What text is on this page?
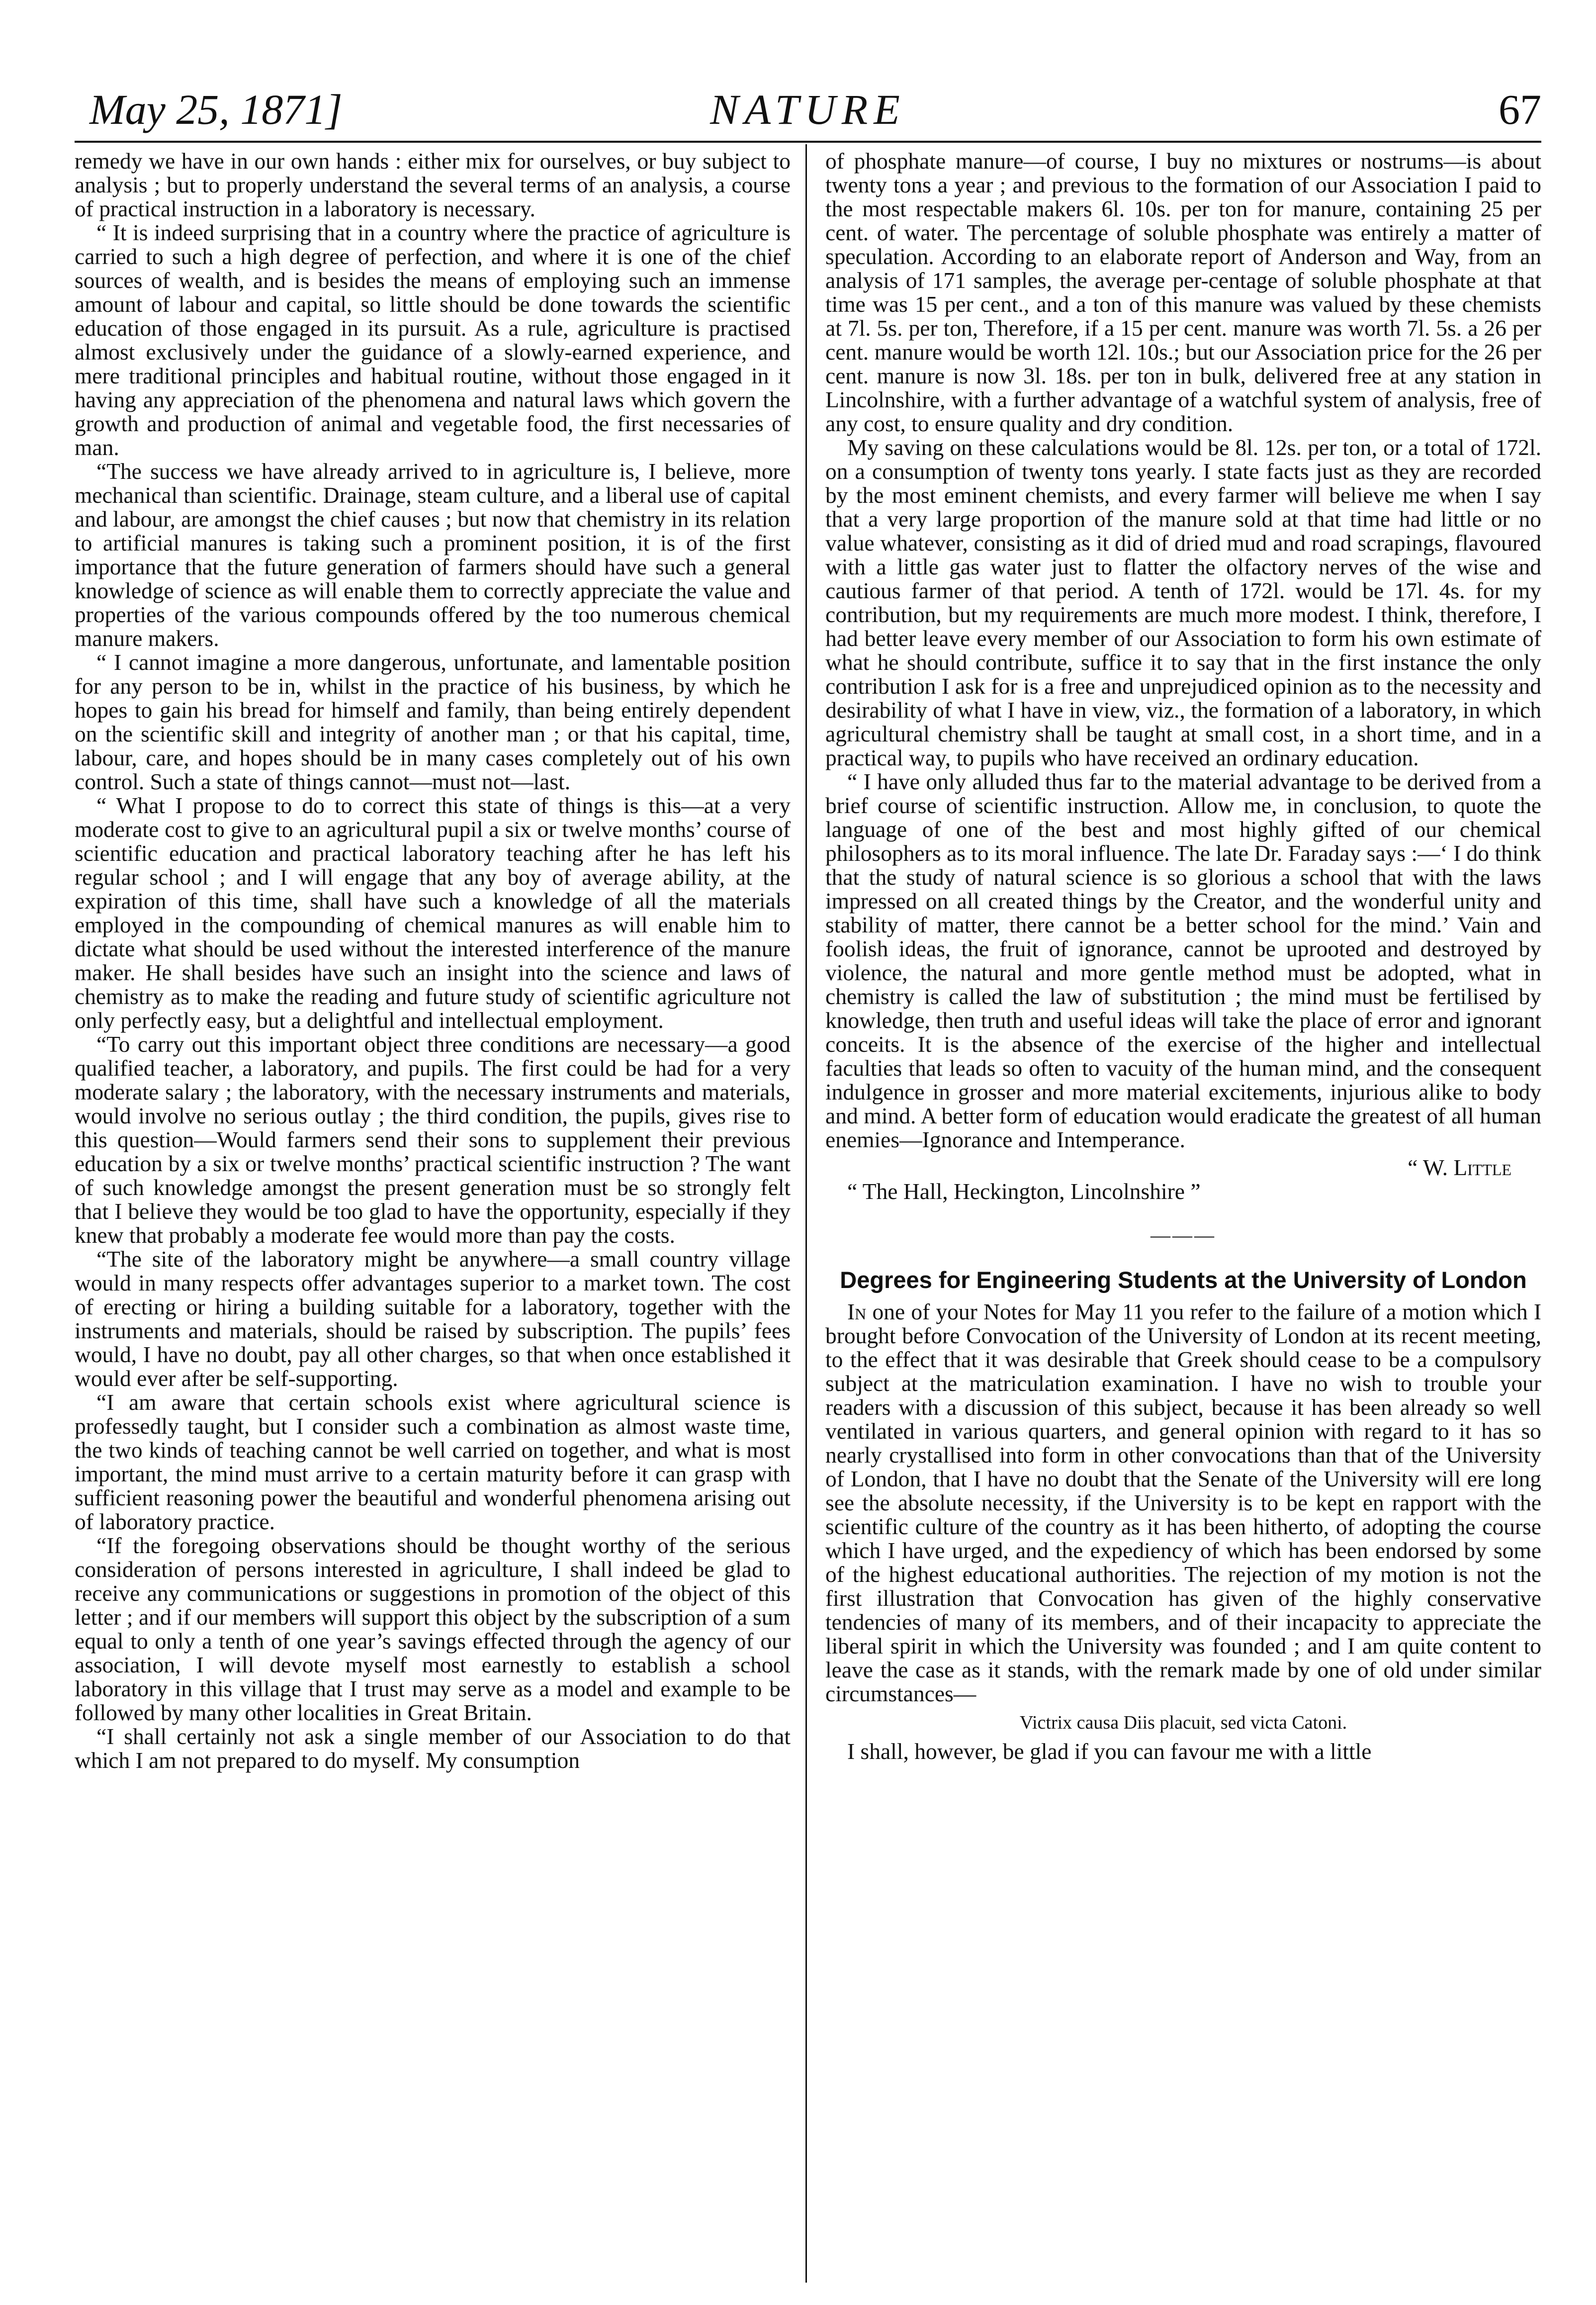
May 25, 1871]	NATURE	67

remedy we have in our own hands : either mix for ourselves, or buy subject to analysis ; but to properly understand the several terms of an analysis, a course of practical instruction in a laboratory is necessary.

“ It is indeed surprising that in a country where the practice of agriculture is carried to such a high degree of perfection, and where it is one of the chief sources of wealth, and is besides the means of employing such an immense amount of labour and capital, so little should be done towards the scientific education of those engaged in its pursuit. As a rule, agriculture is practised almost exclusively under the guidance of a slowly-earned experience, and mere traditional principles and habitual routine, without those engaged in it having any appreciation of the phenomena and natural laws which govern the growth and production of animal and vegetable food, the first necessaries of man.

“The success we have already arrived to in agriculture is, I believe, more mechanical than scientific. Drainage, steam culture, and a liberal use of capital and labour, are amongst the chief causes ; but now that chemistry in its relation to artificial manures is taking such a prominent position, it is of the first importance that the future generation of farmers should have such a general knowledge of science as will enable them to correctly appreciate the value and properties of the various compounds offered by the too numerous chemical manure makers.

“ I cannot imagine a more dangerous, unfortunate, and lamentable position for any person to be in, whilst in the practice of his business, by which he hopes to gain his bread for himself and family, than being entirely dependent on the scientific skill and integrity of another man ; or that his capital, time, labour, care, and hopes should be in many cases completely out of his own control. Such a state of things cannot—must not—last.

“ What I propose to do to correct this state of things is this—at a very moderate cost to give to an agricultural pupil a six or twelve months’ course of scientific education and practical laboratory teaching after he has left his regular school ; and I will engage that any boy of average ability, at the expiration of this time, shall have such a knowledge of all the materials employed in the compounding of chemical manures as will enable him to dictate what should be used without the interested interference of the manure maker. He shall besides have such an insight into the science and laws of chemistry as to make the reading and future study of scientific agriculture not only perfectly easy, but a delightful and intellectual employment.

“To carry out this important object three conditions are necessary—a good qualified teacher, a laboratory, and pupils. The first could be had for a very moderate salary ; the laboratory, with the necessary instruments and materials, would involve no serious outlay ; the third condition, the pupils, gives rise to this question—Would farmers send their sons to supplement their previous education by a six or twelve months’ practical scientific instruction ? The want of such knowledge amongst the present generation must be so strongly felt that I believe they would be too glad to have the opportunity, especially if they knew that probably a moderate fee would more than pay the costs.

“The site of the laboratory might be anywhere—a small country village would in many respects offer advantages superior to a market town. The cost of erecting or hiring a building suitable for a laboratory, together with the instruments and materials, should be raised by subscription. The pupils’ fees would, I have no doubt, pay all other charges, so that when once established it would ever after be self-supporting.

“I am aware that certain schools exist where agricultural science is professedly taught, but I consider such a combination as almost waste time, the two kinds of teaching cannot be well carried on together, and what is most important, the mind must arrive to a certain maturity before it can grasp with sufficient reasoning power the beautiful and wonderful phenomena arising out of laboratory practice.

“If the foregoing observations should be thought worthy of the serious consideration of persons interested in agriculture, I shall indeed be glad to receive any communications or suggestions in promotion of the object of this letter ; and if our members will support this object by the subscription of a sum equal to only a tenth of one year’s savings effected through the agency of our association, I will devote myself most earnestly to establish a school laboratory in this village that I trust may serve as a model and example to be followed by many other localities in Great Britain.

“I shall certainly not ask a single member of our Association to do that which I am not prepared to do myself. My consumption

of phosphate manure—of course, I buy no mixtures or nostrums—is about twenty tons a year ; and previous to the formation of our Association I paid to the most respectable makers 6l. 10s. per ton for manure, containing 25 per cent. of water. The percentage of soluble phosphate was entirely a matter of speculation. According to an elaborate report of Anderson and Way, from an analysis of 171 samples, the average per-centage of soluble phosphate at that time was 15 per cent., and a ton of this manure was valued by these chemists at 7l. 5s. per ton, Therefore, if a 15 per cent. manure was worth 7l. 5s. a 26 per cent. manure would be worth 12l. 10s.; but our Association price for the 26 per cent. manure is now 3l. 18s. per ton in bulk, delivered free at any station in Lincolnshire, with a further advantage of a watchful system of analysis, free of any cost, to ensure quality and dry condition.

My saving on these calculations would be 8l. 12s. per ton, or a total of 172l. on a consumption of twenty tons yearly. I state facts just as they are recorded by the most eminent chemists, and every farmer will believe me when I say that a very large proportion of the manure sold at that time had little or no value whatever, consisting as it did of dried mud and road scrapings, flavoured with a little gas water just to flatter the olfactory nerves of the wise and cautious farmer of that period. A tenth of 172l. would be 17l. 4s. for my contribution, but my requirements are much more modest. I think, therefore, I had better leave every member of our Association to form his own estimate of what he should contribute, suffice it to say that in the first instance the only contribution I ask for is a free and unprejudiced opinion as to the necessity and desirability of what I have in view, viz., the formation of a laboratory, in which agricultural chemistry shall be taught at small cost, in a short time, and in a practical way, to pupils who have received an ordinary education.

“ I have only alluded thus far to the material advantage to be derived from a brief course of scientific instruction. Allow me, in conclusion, to quote the language of one of the best and most highly gifted of our chemical philosophers as to its moral influence. The late Dr. Faraday says :—‘ I do think that the study of natural science is so glorious a school that with the laws impressed on all created things by the Creator, and the wonderful unity and stability of matter, there cannot be a better school for the mind.’ Vain and foolish ideas, the fruit of ignorance, cannot be uprooted and destroyed by violence, the natural and more gentle method must be adopted, what in chemistry is called the law of substitution ; the mind must be fertilised by knowledge, then truth and useful ideas will take the place of error and ignorant conceits. It is the absence of the exercise of the higher and intellectual faculties that leads so often to vacuity of the human mind, and the consequent indulgence in grosser and more material excitements, injurious alike to body and mind. A better form of education would eradicate the greatest of all human enemies—Ignorance and Intemperance.

“ W. Little

“ The Hall, Heckington, Lincolnshire ”

———
Degrees for Engineering Students at the University of London

In one of your Notes for May 11 you refer to the failure of a motion which I brought before Convocation of the University of London at its recent meeting, to the effect that it was desirable that Greek should cease to be a compulsory subject at the matriculation examination. I have no wish to trouble your readers with a discussion of this subject, because it has been already so well ventilated in various quarters, and general opinion with regard to it has so nearly crystallised into form in other convocations than that of the University of London, that I have no doubt that the Senate of the University will ere long see the absolute necessity, if the University is to be kept en rapport with the scientific culture of the country as it has been hitherto, of adopting the course which I have urged, and the expediency of which has been endorsed by some of the highest educational authorities. The rejection of my motion is not the first illustration that Convocation has given of the highly conservative tendencies of many of its members, and of their incapacity to appreciate the liberal spirit in which the University was founded ; and I am quite content to leave the case as it stands, with the remark made by one of old under similar circumstances—

Victrix causa Diis placuit, sed victa Catoni.

I shall, however, be glad if you can favour me with a little
